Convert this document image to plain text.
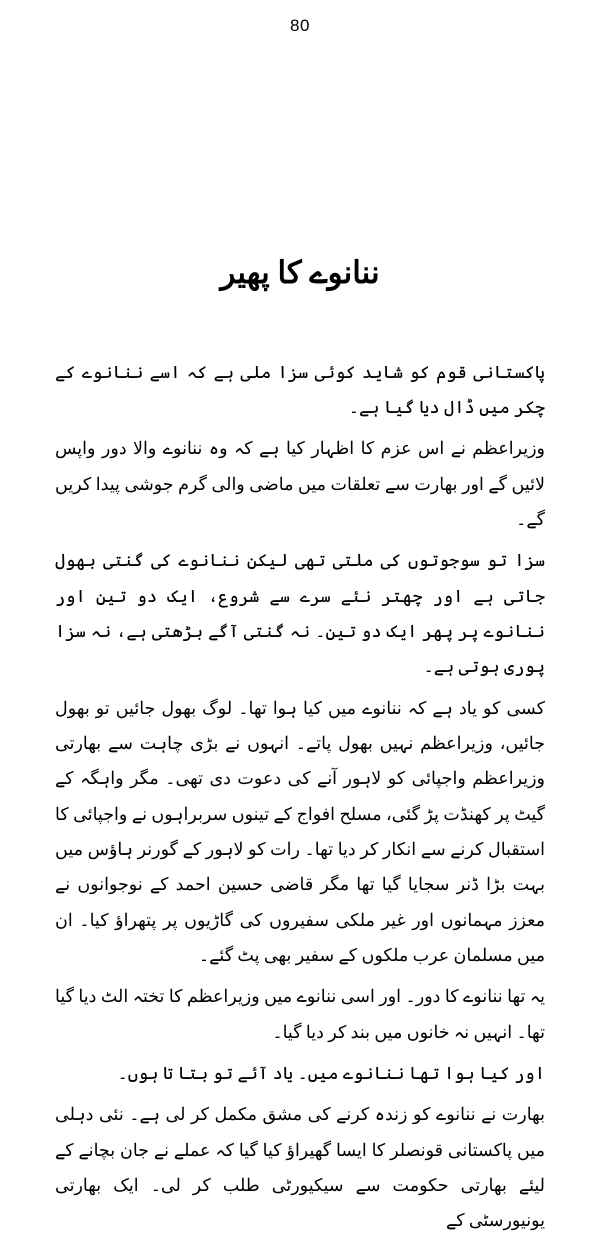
80
ننانوے کا پھیر

پاکستانی قوم کو شاید کوئی سزا ملی ہے کہ اسے ننانوے کے چکر میں ڈال دیا گیا ہے۔

وزیراعظم نے اس عزم کا اظہار کیا ہے کہ وہ ننانوے والا دور واپس لائیں گے اور بھارت سے تعلقات میں ماضی والی گرم جوشی پیدا کریں گے۔

سزا تو سوجوتوں کی ملتی تھی لیکن ننانوے کی گنتی بھول جاتی ہے اور چھتر نئے سرے سے شروع، ایک دو تین اور ننانوے پر پھر ایک دو تین۔ نہ گنتی آگے بڑھتی ہے، نہ سزا پوری ہوتی ہے۔

کسی کو یاد ہے کہ ننانوے میں کیا ہوا تھا۔ لوگ بھول جائیں تو بھول جائیں، وزیراعظم نہیں بھول پاتے۔ انہوں نے بڑی چاہت سے بھارتی وزیراعظم واجپائی کو لاہور آنے کی دعوت دی تھی۔ مگر واہگہ کے گیٹ پر کھنڈت پڑ گئی، مسلح افواج کے تینوں سربراہوں نے واجپائی کا استقبال کرنے سے انکار کر دیا تھا۔ رات کو لاہور کے گورنر ہاؤس میں بہت بڑا ڈنر سجایا گیا تھا مگر قاضی حسین احمد کے نوجوانوں نے معزز مہمانوں اور غیر ملکی سفیروں کی گاڑیوں پر پتھراؤ کیا۔ ان میں مسلمان عرب ملکوں کے سفیر بھی پٹ گئے۔

یہ تھا ننانوے کا دور۔ اور اسی ننانوے میں وزیراعظم کا تختہ الٹ دیا گیا تھا۔ انہیں نہ خانوں میں بند کر دیا گیا۔

اور کیا ہوا تھا ننانوے میں۔ یاد آئے تو بتا تا ہوں۔

بھارت نے ننانوے کو زندہ کرنے کی مشق مکمل کر لی ہے۔ نئی دہلی میں پاکستانی قونصلر کا ایسا گھیراؤ کیا گیا کہ عملے نے جان بچانے کے لیئے بھارتی حکومت سے سیکیورٹی طلب کر لی۔ ایک بھارتی یونیورسٹی کے
